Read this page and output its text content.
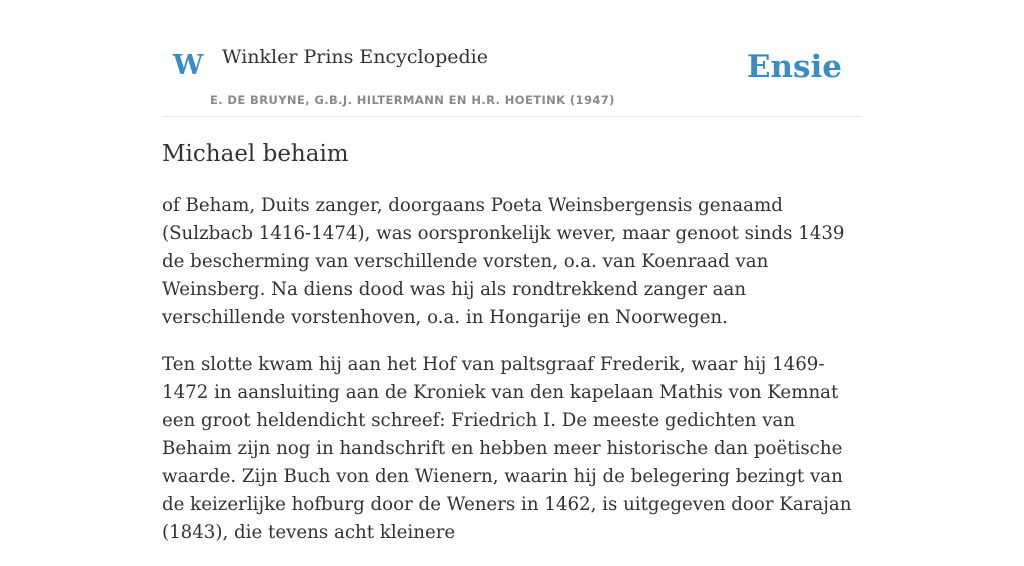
W Winkler Prins Encyclopedie
E. DE BRUYNE, G.B.J. HILTERMANN EN H.R. HOETINK (1947)
Ensie
Michael behaim

of Beham, Duits zanger, doorgaans Poeta Weinsbergensis genaamd (Sulzbacb 1416-1474), was oorspronkelijk wever, maar genoot sinds 1439 de bescherming van verschillende vorsten, o.a. van Koenraad van Weinsberg. Na diens dood was hij als rondtrekkend zanger aan verschillende vorstenhoven, o.a. in Hongarije en Noorwegen.

Ten slotte kwam hij aan het Hof van paltsgraaf Frederik, waar hij 1469-1472 in aansluiting aan de Kroniek van den kapelaan Mathis von Kemnat een groot heldendicht schreef: Friedrich I. De meeste gedichten van Behaim zijn nog in handschrift en hebben meer historische dan poëtische waarde. Zijn Buch von den Wienern, waarin hij de belegering bezingt van de keizerlijke hofburg door de Weners in 1462, is uitgegeven door Karajan (1843), die tevens acht kleinere
